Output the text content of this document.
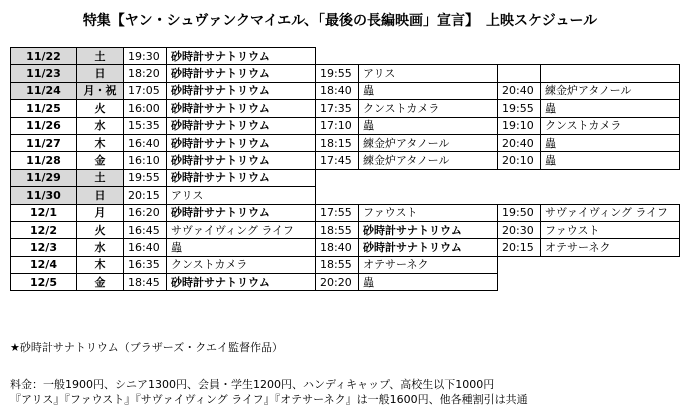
特集【ヤン・シュヴァンクマイエル、「最後の長編映画」宣言】　上映スケジュール
11/22	土	19:30	砂時計サナトリウム				
11/23	日	18:20	砂時計サナトリウム	19:55	アリス		
11/24	月・祝	17:05	砂時計サナトリウム	18:40	蟲	20:40	練金炉アタノール
11/25	火	16:00	砂時計サナトリウム	17:35	クンストカメラ	19:55	蟲
11/26	水	15:35	砂時計サナトリウム	17:10	蟲	19:10	クンストカメラ
11/27	木	16:40	砂時計サナトリウム	18:15	練金炉アタノール	20:40	蟲
11/28	金	16:10	砂時計サナトリウム	17:45	練金炉アタノール	20:10	蟲
11/29	土	19:55	砂時計サナトリウム				
11/30	日	20:15	アリス				
12/1	月	16:20	砂時計サナトリウム	17:55	ファウスト	19:50	サヴァイヴィング ライフ
12/2	火	16:45	サヴァイヴィング ライフ	18:55	砂時計サナトリウム	20:30	ファウスト
12/3	水	16:40	蟲	18:40	砂時計サナトリウム	20:15	オテサーネク
12/4	木	16:35	クンストカメラ	18:55	オテサーネク		
12/5	金	18:45	砂時計サナトリウム	20:20	蟲		
★砂時計サナトリウム（ブラザーズ・クエイ監督作品）
料金：一般1900円、シニア1300円、会員・学生1200円、ハンディキャップ、高校生以下1000円
『アリス』『ファウスト』『サヴァイヴィング ライフ』『オテサーネク』は一般1600円、他各種割引は共通
